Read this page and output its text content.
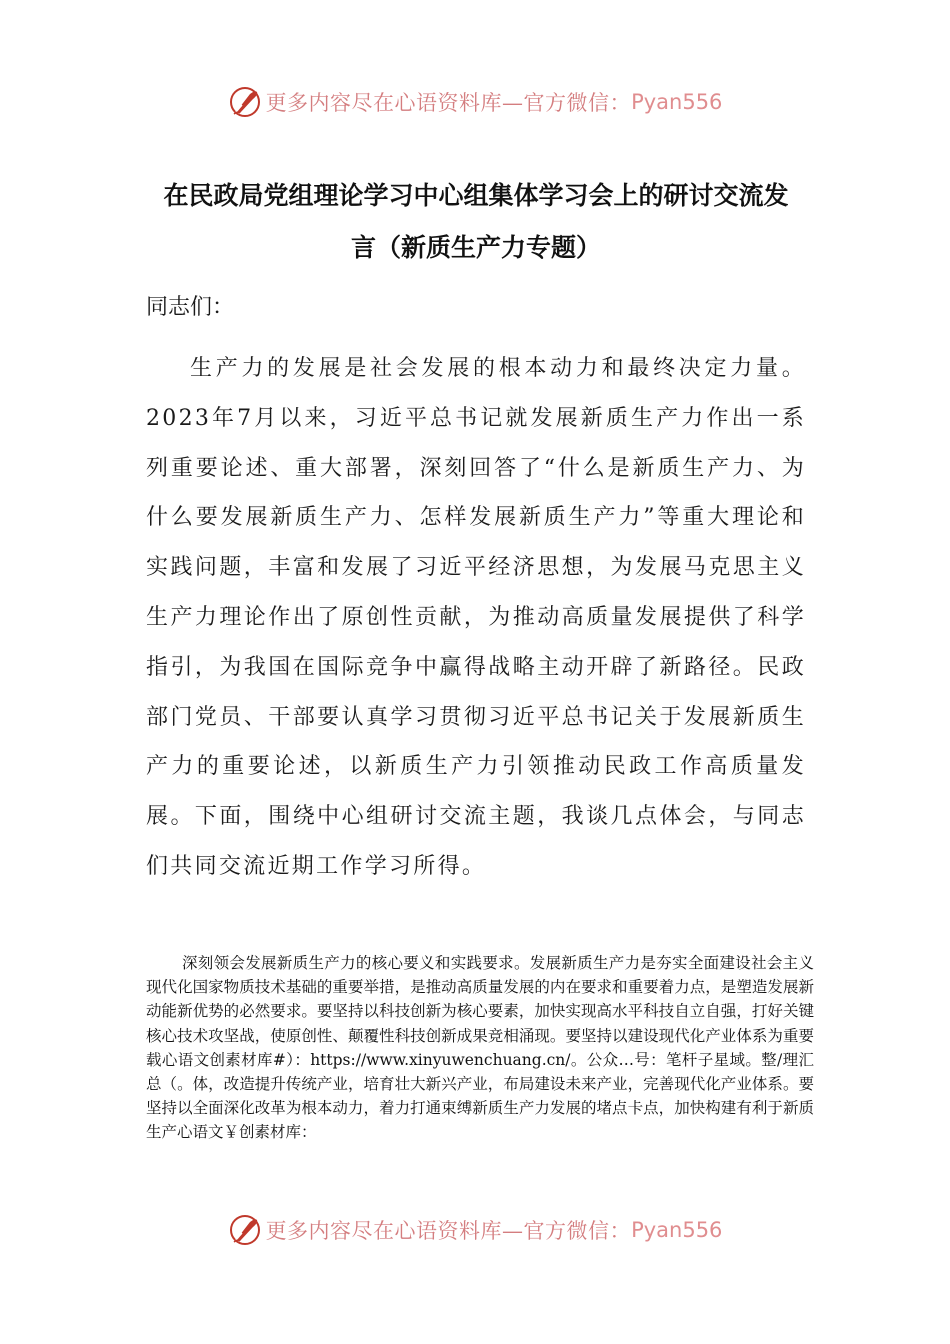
更多内容尽在心语资料库—官方微信： Pyan556
在民政局党组理论学习中心组集体学习会上的研讨交流发
言（新质生产力专题）

同志们：

生产力的发展是社会发展的根本动力和最终决定力量。2023年7月以来，习近平总书记就发展新质生产力作出一系列重要论述、重大部署，深刻回答了“什么是新质生产力、为什么要发展新质生产力、怎样发展新质生产力”等重大理论和实践问题，丰富和发展了习近平经济思想，为发展马克思主义生产力理论作出了原创性贡献，为推动高质量发展提供了科学指引，为我国在国际竞争中赢得战略主动开辟了新路径。民政部门党员、干部要认真学习贯彻习近平总书记关于发展新质生产力的重要论述，以新质生产力引领推动民政工作高质量发展。下面，围绕中心组研讨交流主题，我谈几点体会，与同志们共同交流近期工作学习所得。

深刻领会发展新质生产力的核心要义和实践要求。发展新质生产力是夯实全面建设社会主义现代化国家物质技术基础的重要举措，是推动高质量发展的内在要求和重要着力点，是塑造发展新动能新优势的必然要求。要坚持以科技创新为核心要素，加快实现高水平科技自立自强，打好关键核心技术攻坚战，使原创性、颠覆性科技创新成果竞相涌现。要坚持以建设现代化产业体系为重要载心语文创素材库#）：https://www.xinyuwenchuang.cn/。公众…号：笔杆子星域。整/理汇总（。体，改造提升传统产业，培育壮大新兴产业，布局建设未来产业，完善现代化产业体系。要坚持以全面深化改革为根本动力，着力打通束缚新质生产力发展的堵点卡点，加快构建有利于新质生产心语文￥创素材库：

更多内容尽在心语资料库—官方微信： Pyan556
